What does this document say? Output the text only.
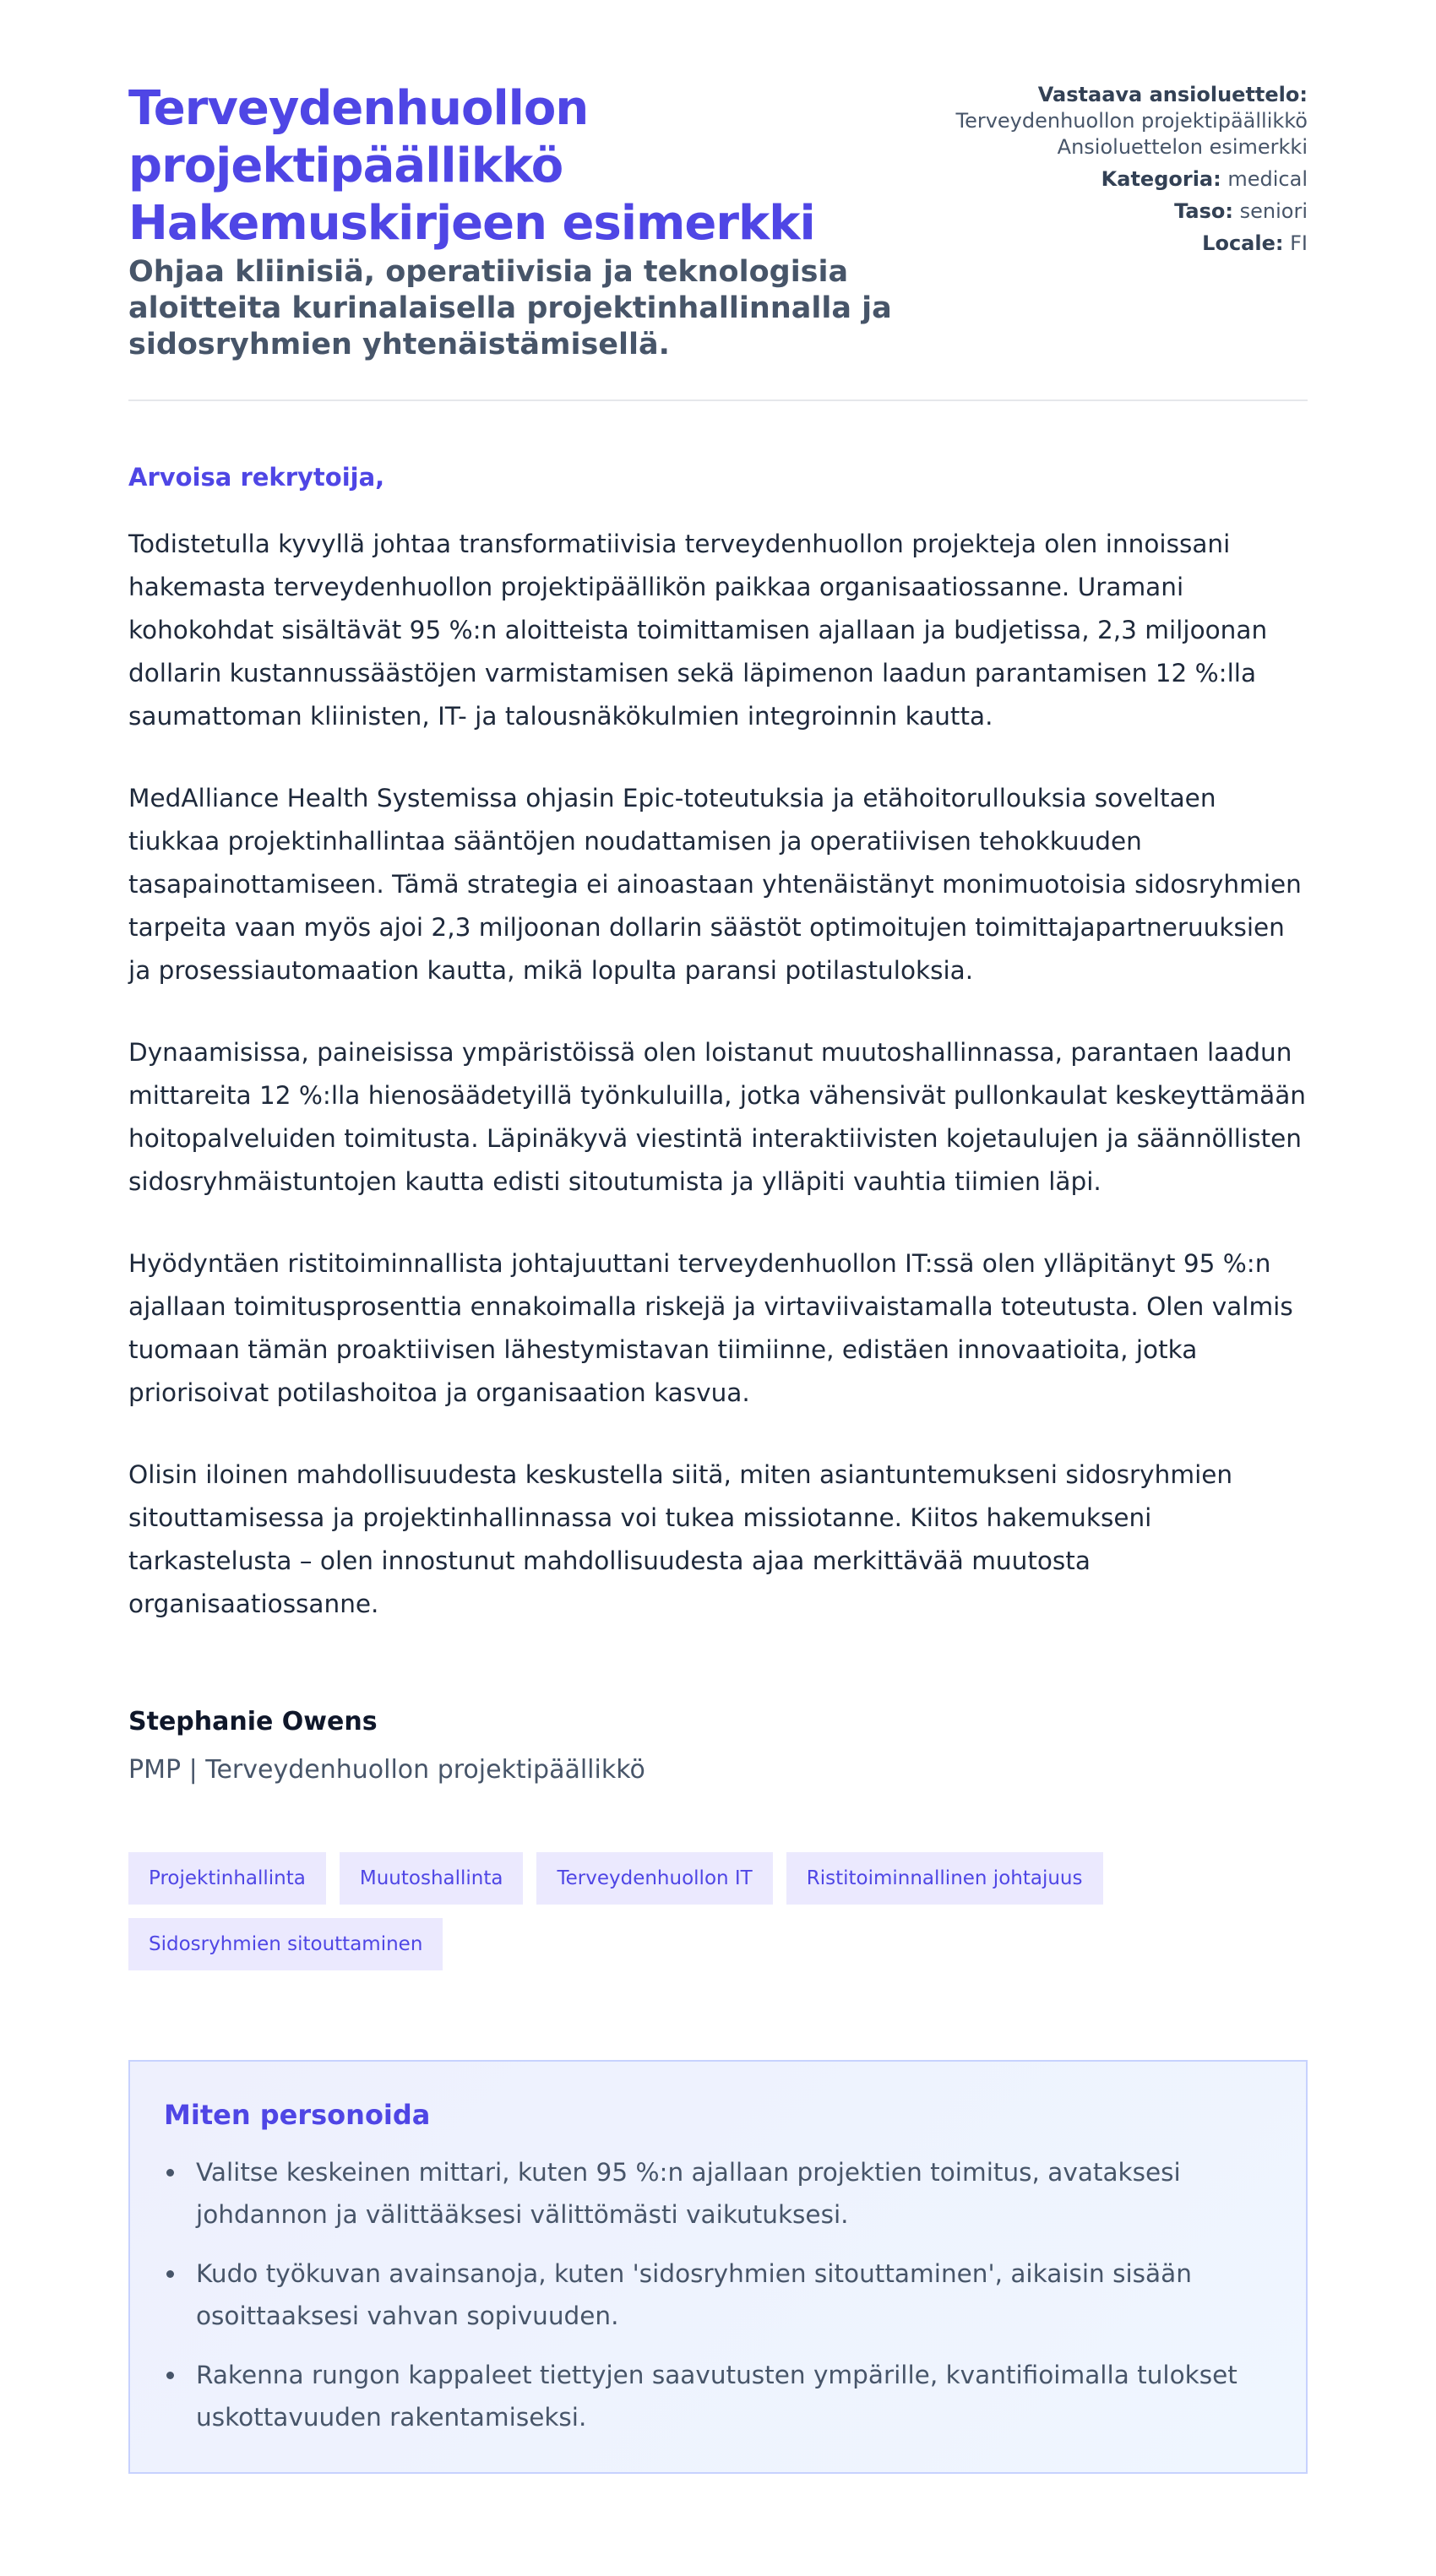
Terveydenhuollon projektipäällikkö Hakemuskirjeen esimerkki

Ohjaa kliinisiä, operatiivisia ja teknologisia aloitteita kurinalaisella projektinhallinnalla ja sidosryhmien yhtenäistämisellä.

Vastaava ansioluettelo:
Terveydenhuollon projektipäällikkö
Ansioluettelon esimerkki
Kategoria: medical
Taso: seniori
Locale: FI

Arvoisa rekrytoija,

Todistetulla kyvyllä johtaa transformatiivisia terveydenhuollon projekteja olen innoissani hakemasta terveydenhuollon projektipäällikön paikkaa organisaatiossanne. Uramani kohokohdat sisältävät 95 %:n aloitteista toimittamisen ajallaan ja budjetissa, 2,3 miljoonan dollarin kustannussäästöjen varmistamisen sekä läpimenon laadun parantamisen 12 %:lla saumattoman kliinisten, IT- ja talousnäkökulmien integroinnin kautta.

MedAlliance Health Systemissa ohjasin Epic-toteutuksia ja etähoitorullouksia soveltaen tiukkaa projektinhallintaa sääntöjen noudattamisen ja operatiivisen tehokkuuden tasapainottamiseen. Tämä strategia ei ainoastaan yhtenäistänyt monimuotoisia sidosryhmien tarpeita vaan myös ajoi 2,3 miljoonan dollarin säästöt optimoitujen toimittajapartneruuksien ja prosessiautomaation kautta, mikä lopulta paransi potilastuloksia.

Dynaamisissa, paineisissa ympäristöissä olen loistanut muutoshallinnassa, parantaen laadun mittareita 12 %:lla hienosäädetyillä työnkuluilla, jotka vähensivät pullonkaulat keskeyttämään hoitopalveluiden toimitusta. Läpinäkyvä viestintä interaktiivisten kojetaulujen ja säännöllisten sidosryhmäistuntojen kautta edisti sitoutumista ja ylläpiti vauhtia tiimien läpi.

Hyödyntäen ristitoiminnallista johtajuuttani terveydenhuollon IT:ssä olen ylläpitänyt 95 %:n ajallaan toimitusprosenttia ennakoimalla riskejä ja virtaviivaistamalla toteutusta. Olen valmis tuomaan tämän proaktiivisen lähestymistavan tiimiinne, edistäen innovaatioita, jotka priorisoivat potilashoitoa ja organisaation kasvua.

Olisin iloinen mahdollisuudesta keskustella siitä, miten asiantuntemukseni sidosryhmien sitouttamisessa ja projektinhallinnassa voi tukea missiotanne. Kiitos hakemukseni tarkastelusta – olen innostunut mahdollisuudesta ajaa merkittävää muutosta organisaatiossanne.

Stephanie Owens
PMP | Terveydenhuollon projektipäällikkö
Projektinhallinta	Muutoshallinta	Terveydenhuollon IT	Ristitoiminnallinen johtajuus
Sidosryhmien sitouttaminen
Miten personoida
Valitse keskeinen mittari, kuten 95 %:n ajallaan projektien toimitus, avataksesi johdannon ja välittääksesi välittömästi vaikutuksesi.
Kudo työkuvan avainsanoja, kuten 'sidosryhmien sitouttaminen', aikaisin sisään osoittaaksesi vahvan sopivuuden.
Rakenna rungon kappaleet tiettyjen saavutusten ympärille, kvantifioimalla tulokset uskottavuuden rakentamiseksi.
